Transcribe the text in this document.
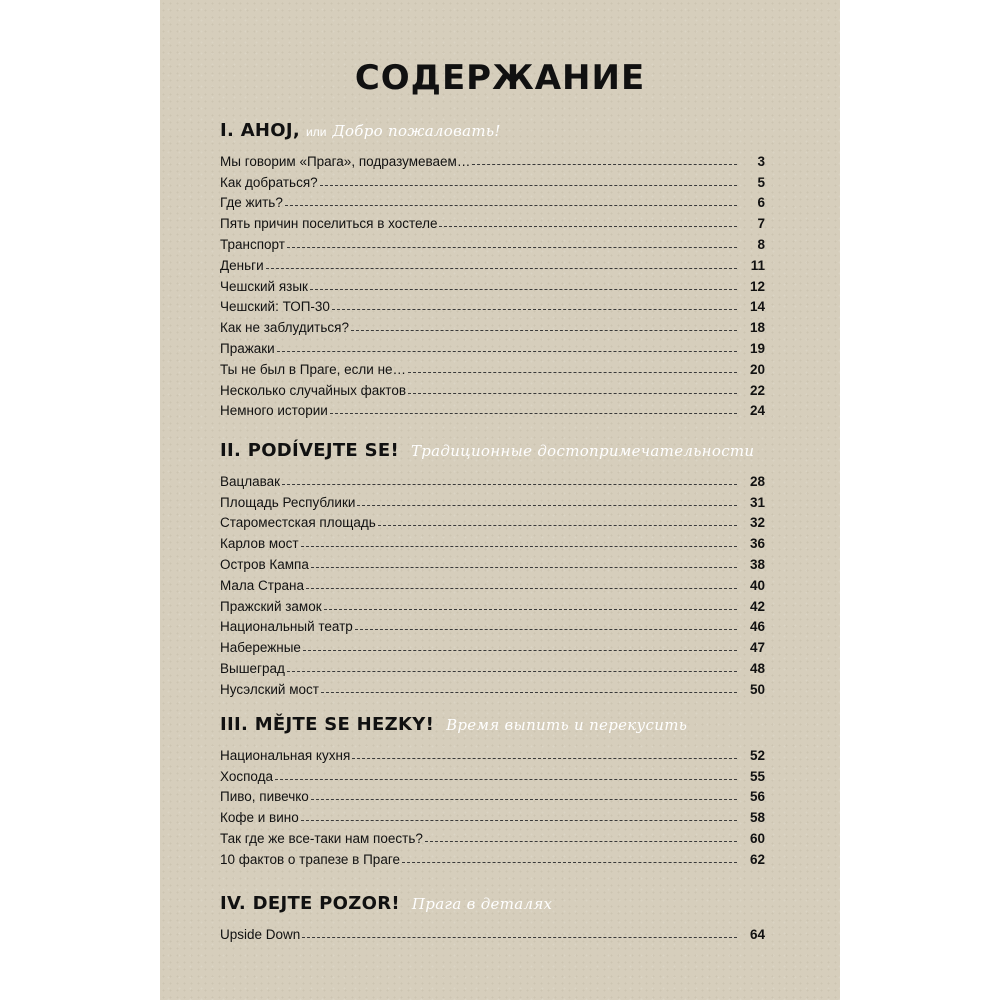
СОДЕРЖАНИЕ
I. AHOJ, или Добро пожаловать!
Мы говорим «Прага», подразумеваем…	3
Как добраться?	5
Где жить?	6
Пять причин поселиться в хостеле	7
Транспорт	8
Деньги	11
Чешский язык	12
Чешский: ТОП-30	14
Как не заблудиться?	18
Пражаки	19
Ты не был в Праге, если не…	20
Несколько случайных фактов	22
Немного истории	24
II. PODÍVEJTE SE! Традиционные достопримечательности
Вацлавак	28
Площадь Республики	31
Староместская площадь	32
Карлов мост	36
Остров Кампа	38
Мала Страна	40
Пражский замок	42
Национальный театр	46
Набережные	47
Вышеград	48
Нусэлский мост	50
III. MĚJTE SE HEZKY! Время выпить и перекусить
Национальная кухня	52
Хоспода	55
Пиво, пивечко	56
Кофе и вино	58
Так где же все-таки нам поесть?	60
10 фактов о трапезе в Праге	62
IV. DEJTE POZOR! Прага в деталях
Upside Down	64
